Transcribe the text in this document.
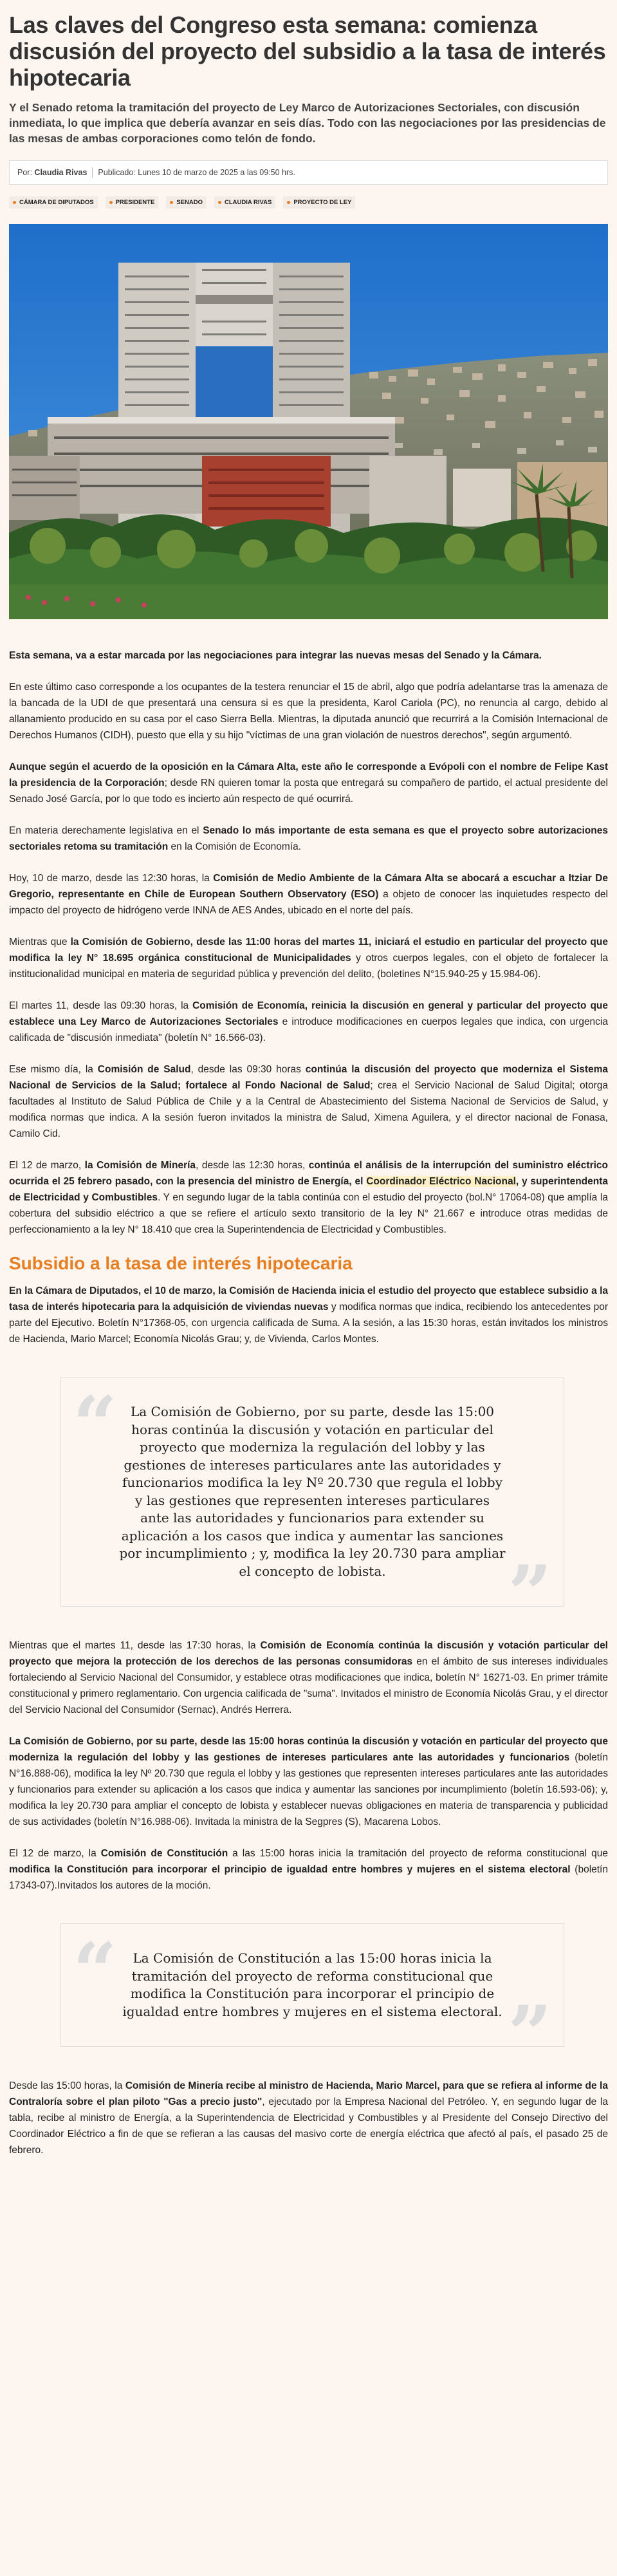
Las claves del Congreso esta semana: comienza discusión del proyecto del subsidio a la tasa de interés hipotecaria
Y el Senado retoma la tramitación del proyecto de Ley Marco de Autorizaciones Sectoriales, con discusión inmediata, lo que implica que debería avanzar en seis días. Todo con las negociaciones por las presidencias de las mesas de ambas corporaciones como telón de fondo.
Por:
Claudia Rivas Publicado:
Lunes 10 de marzo de 2025 a las 09:50 hrs.
CÁMARA DE DIPUTADOS	PRESIDENTE	SENADO	CLAUDIA RIVAS	PROYECTO DE LEY

Esta semana, va a estar marcada por las negociaciones para integrar las nuevas mesas del Senado y la Cámara.

En este último caso corresponde a los ocupantes de la testera renunciar el 15 de abril, algo que podría adelantarse tras la amenaza de la bancada de la UDI de que presentará una censura si es que la presidenta, Karol Cariola (PC), no renuncia al cargo, debido al allanamiento producido en su casa por el caso Sierra Bella. Mientras, la diputada anunció que recurrirá a la Comisión Internacional de Derechos Humanos (CIDH), puesto que ella y su hijo "víctimas de una gran violación de nuestros derechos", según argumentó.

Aunque según el acuerdo de la oposición en la Cámara Alta, este año le corresponde a Evópoli con el nombre de Felipe Kast la presidencia de la Corporación; desde RN quieren tomar la posta que entregará su compañero de partido, el actual presidente del Senado José García, por lo que todo es incierto aún respecto de qué ocurrirá.

En materia derechamente legislativa en el Senado lo más importante de esta semana es que el proyecto sobre autorizaciones sectoriales retoma su tramitación en la Comisión de Economía.

Hoy, 10 de marzo, desde las 12:30 horas, la Comisión de Medio Ambiente de la Cámara Alta se abocará a escuchar a Itziar De Gregorio, representante en Chile de European Southern Observatory (ESO) a objeto de conocer las inquietudes respecto del impacto del proyecto de hidrógeno verde INNA de AES Andes, ubicado en el norte del país.

Mientras que la Comisión de Gobierno, desde las 11:00 horas del martes 11, iniciará el estudio en particular del proyecto que modifica la ley N° 18.695 orgánica constitucional de Municipalidades y otros cuerpos legales, con el objeto de fortalecer la institucionalidad municipal en materia de seguridad pública y prevención del delito, (boletines N°15.940-25 y 15.984-06).

El martes 11, desde las 09:30 horas, la Comisión de Economía, reinicia la discusión en general y particular del proyecto que establece una Ley Marco de Autorizaciones Sectoriales e introduce modificaciones en cuerpos legales que indica, con urgencia calificada de "discusión inmediata" (boletín N° 16.566-03).

Ese mismo día, la Comisión de Salud, desde las 09:30 horas continúa la discusión del proyecto que moderniza el Sistema Nacional de Servicios de la Salud; fortalece al Fondo Nacional de Salud; crea el Servicio Nacional de Salud Digital; otorga facultades al Instituto de Salud Pública de Chile y a la Central de Abastecimiento del Sistema Nacional de Servicios de Salud, y modifica normas que indica. A la sesión fueron invitados la ministra de Salud, Ximena Aguilera, y el director nacional de Fonasa, Camilo Cid.

El 12 de marzo, la Comisión de Minería, desde las 12:30 horas, continúa el análisis de la interrupción del suministro eléctrico ocurrida el 25 febrero pasado, con la presencia del ministro de Energía, el Coordinador Eléctrico Nacional, y superintendenta de Electricidad y Combustibles. Y en segundo lugar de la tabla continúa con el estudio del proyecto (bol.N° 17064-08) que amplía la cobertura del subsidio eléctrico a que se refiere el artículo sexto transitorio de la ley N° 21.667 e introduce otras medidas de perfeccionamiento a la ley N° 18.410 que crea la Superintendencia de Electricidad y Combustibles.

Subsidio a la tasa de interés hipotecaria

En la Cámara de Diputados, el 10 de marzo, la Comisión de Hacienda inicia el estudio del proyecto que establece subsidio a la tasa de interés hipotecaria para la adquisición de viviendas nuevas y modifica normas que indica, recibiendo los antecedentes por parte del Ejecutivo. Boletín N°17368-05, con urgencia calificada de Suma. A la sesión, a las 15:30 horas, están invitados los ministros de Hacienda, Mario Marcel; Economía Nicolás Grau; y, de Vivienda, Carlos Montes.

“	La Comisión de Gobierno, por su parte, desde las 15:00 horas continúa la discusión y votación en particular del proyecto que moderniza la regulación del lobby y las gestiones de intereses particulares ante las autoridades y funcionarios modifica la ley Nº 20.730 que regula el lobby y las gestiones que representen intereses particulares ante las autoridades y funcionarios para extender su aplicación a los casos que indica y aumentar las sanciones por incumplimiento ; y, modifica la ley 20.730 para ampliar el concepto de lobista.	”

Mientras que el martes 11, desde las 17:30 horas, la Comisión de Economía continúa la discusión y votación particular del proyecto que mejora la protección de los derechos de las personas consumidoras en el ámbito de sus intereses individuales fortaleciendo al Servicio Nacional del Consumidor, y establece otras modificaciones que indica, boletín N° 16271-03. En primer trámite constitucional y primero reglamentario. Con urgencia calificada de "suma". Invitados el ministro de Economía Nicolás Grau, y el director del Servicio Nacional del Consumidor (Sernac), Andrés Herrera.

La Comisión de Gobierno, por su parte, desde las 15:00 horas continúa la discusión y votación en particular del proyecto que moderniza la regulación del lobby y las gestiones de intereses particulares ante las autoridades y funcionarios (boletín N°16.888-06), modifica la ley Nº 20.730 que regula el lobby y las gestiones que representen intereses particulares ante las autoridades y funcionarios para extender su aplicación a los casos que indica y aumentar las sanciones por incumplimiento (boletín 16.593-06); y, modifica la ley 20.730 para ampliar el concepto de lobista y establecer nuevas obligaciones en materia de transparencia y publicidad de sus actividades (boletín N°16.988-06). Invitada la ministra de la Segpres (S), Macarena Lobos.

El 12 de marzo, la Comisión de Constitución a las 15:00 horas inicia la tramitación del proyecto de reforma constitucional que modifica la Constitución para incorporar el principio de igualdad entre hombres y mujeres en el sistema electoral (boletín 17343-07).Invitados los autores de la moción.

“	La Comisión de Constitución a las 15:00 horas inicia la tramitación del proyecto de reforma constitucional que modifica la Constitución para incorporar el principio de igualdad entre hombres y mujeres en el sistema electoral. ”

Desde las 15:00 horas, la Comisión de Minería recibe al ministro de Hacienda, Mario Marcel, para que se refiera al informe de la Contraloría sobre el plan piloto "Gas a precio justo", ejecutado por la Empresa Nacional del Petróleo. Y, en segundo lugar de la tabla, recibe al ministro de Energía, a la Superintendencia de Electricidad y Combustibles y al Presidente del Consejo Directivo del Coordinador Eléctrico a fin de que se refieran a las causas del masivo corte de energía eléctrica que afectó al país, el pasado 25 de febrero.
